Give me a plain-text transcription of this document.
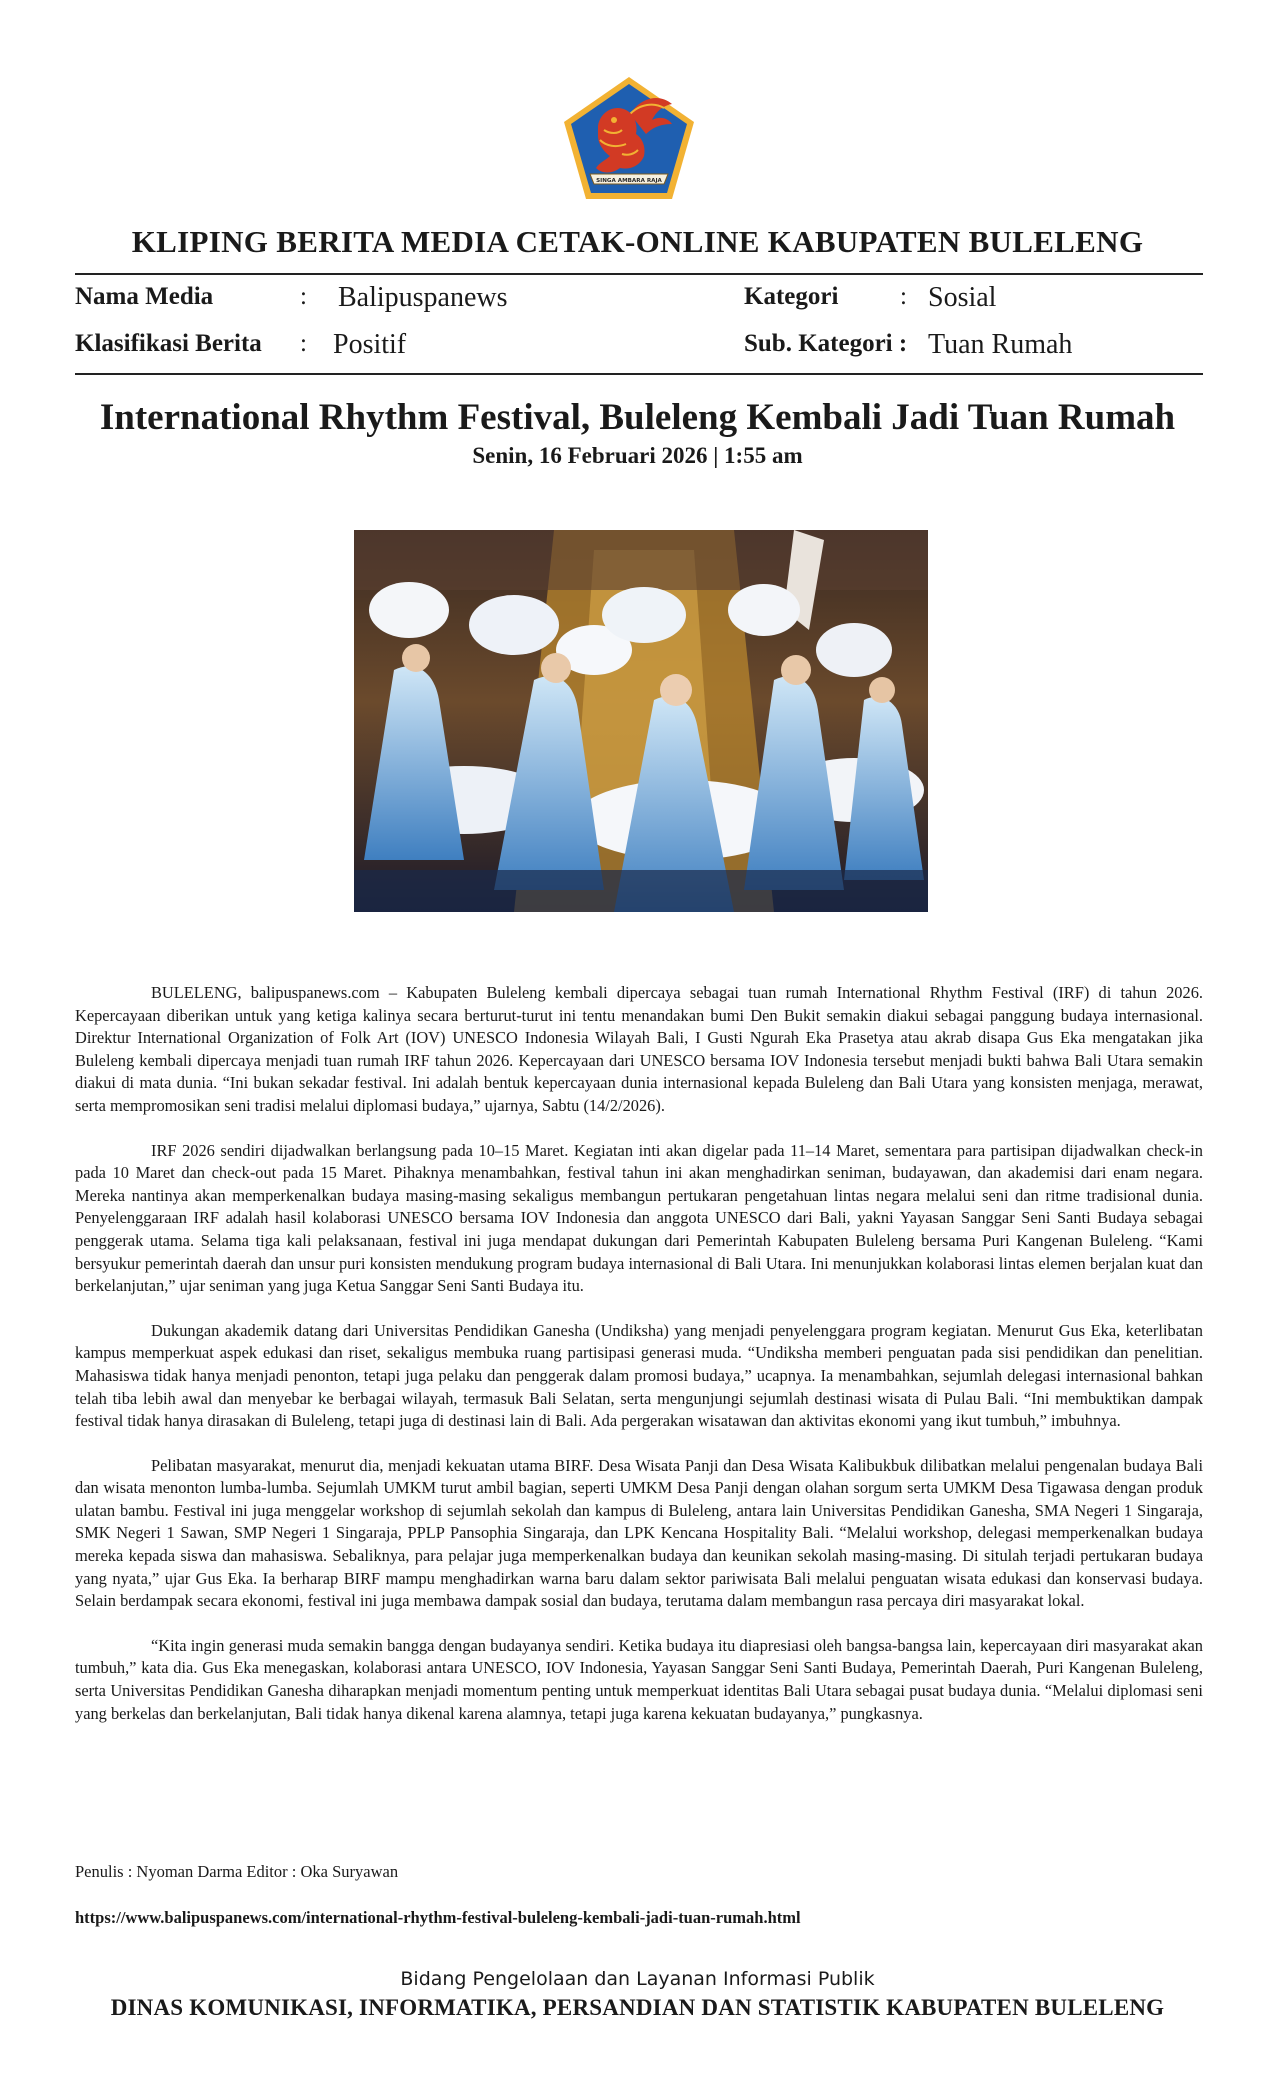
SINGA AMBARA RAJA
KLIPING BERITA MEDIA CETAK-ONLINE KABUPATEN BULELENG
Nama Media	: Balipuspanews	Kategori : Sosial
Klasifikasi Berita : Positif	Sub. Kategori : Tuan Rumah
International Rhythm Festival, Buleleng Kembali Jadi Tuan Rumah
Senin, 16 Februari 2026 | 1:55 am

BULELENG, balipuspanews.com – Kabupaten Buleleng kembali dipercaya sebagai tuan rumah International Rhythm Festival (IRF) di tahun 2026. Kepercayaan diberikan untuk yang ketiga kalinya secara berturut-turut ini tentu menandakan bumi Den Bukit semakin diakui sebagai panggung budaya internasional. Direktur International Organization of Folk Art (IOV) UNESCO Indonesia Wilayah Bali, I Gusti Ngurah Eka Prasetya atau akrab disapa Gus Eka mengatakan jika Buleleng kembali dipercaya menjadi tuan rumah IRF tahun 2026. Kepercayaan dari UNESCO bersama IOV Indonesia tersebut menjadi bukti bahwa Bali Utara semakin diakui di mata dunia. “Ini bukan sekadar festival. Ini adalah bentuk kepercayaan dunia internasional kepada Buleleng dan Bali Utara yang konsisten menjaga, merawat, serta mempromosikan seni tradisi melalui diplomasi budaya,” ujarnya, Sabtu (14/2/2026).

IRF 2026 sendiri dijadwalkan berlangsung pada 10–15 Maret. Kegiatan inti akan digelar pada 11–14 Maret, sementara para partisipan dijadwalkan check-in pada 10 Maret dan check-out pada 15 Maret. Pihaknya menambahkan, festival tahun ini akan menghadirkan seniman, budayawan, dan akademisi dari enam negara. Mereka nantinya akan memperkenalkan budaya masing-masing sekaligus membangun pertukaran pengetahuan lintas negara melalui seni dan ritme tradisional dunia. Penyelenggaraan IRF adalah hasil kolaborasi UNESCO bersama IOV Indonesia dan anggota UNESCO dari Bali, yakni Yayasan Sanggar Seni Santi Budaya sebagai penggerak utama. Selama tiga kali pelaksanaan, festival ini juga mendapat dukungan dari Pemerintah Kabupaten Buleleng bersama Puri Kangenan Buleleng. “Kami bersyukur pemerintah daerah dan unsur puri konsisten mendukung program budaya internasional di Bali Utara. Ini menunjukkan kolaborasi lintas elemen berjalan kuat dan berkelanjutan,” ujar seniman yang juga Ketua Sanggar Seni Santi Budaya itu.

Dukungan akademik datang dari Universitas Pendidikan Ganesha (Undiksha) yang menjadi penyelenggara program kegiatan. Menurut Gus Eka, keterlibatan kampus memperkuat aspek edukasi dan riset, sekaligus membuka ruang partisipasi generasi muda. “Undiksha memberi penguatan pada sisi pendidikan dan penelitian. Mahasiswa tidak hanya menjadi penonton, tetapi juga pelaku dan penggerak dalam promosi budaya,” ucapnya. Ia menambahkan, sejumlah delegasi internasional bahkan telah tiba lebih awal dan menyebar ke berbagai wilayah, termasuk Bali Selatan, serta mengunjungi sejumlah destinasi wisata di Pulau Bali. “Ini membuktikan dampak festival tidak hanya dirasakan di Buleleng, tetapi juga di destinasi lain di Bali. Ada pergerakan wisatawan dan aktivitas ekonomi yang ikut tumbuh,” imbuhnya.

Pelibatan masyarakat, menurut dia, menjadi kekuatan utama BIRF. Desa Wisata Panji dan Desa Wisata Kalibukbuk dilibatkan melalui pengenalan budaya Bali dan wisata menonton lumba-lumba. Sejumlah UMKM turut ambil bagian, seperti UMKM Desa Panji dengan olahan sorgum serta UMKM Desa Tigawasa dengan produk ulatan bambu. Festival ini juga menggelar workshop di sejumlah sekolah dan kampus di Buleleng, antara lain Universitas Pendidikan Ganesha, SMA Negeri 1 Singaraja, SMK Negeri 1 Sawan, SMP Negeri 1 Singaraja, PPLP Pansophia Singaraja, dan LPK Kencana Hospitality Bali. “Melalui workshop, delegasi memperkenalkan budaya mereka kepada siswa dan mahasiswa. Sebaliknya, para pelajar juga memperkenalkan budaya dan keunikan sekolah masing-masing. Di situlah terjadi pertukaran budaya yang nyata,” ujar Gus Eka. Ia berharap BIRF mampu menghadirkan warna baru dalam sektor pariwisata Bali melalui penguatan wisata edukasi dan konservasi budaya. Selain berdampak secara ekonomi, festival ini juga membawa dampak sosial dan budaya, terutama dalam membangun rasa percaya diri masyarakat lokal.

“Kita ingin generasi muda semakin bangga dengan budayanya sendiri. Ketika budaya itu diapresiasi oleh bangsa-bangsa lain, kepercayaan diri masyarakat akan tumbuh,” kata dia. Gus Eka menegaskan, kolaborasi antara UNESCO, IOV Indonesia, Yayasan Sanggar Seni Santi Budaya, Pemerintah Daerah, Puri Kangenan Buleleng, serta Universitas Pendidikan Ganesha diharapkan menjadi momentum penting untuk memperkuat identitas Bali Utara sebagai pusat budaya dunia. “Melalui diplomasi seni yang berkelas dan berkelanjutan, Bali tidak hanya dikenal karena alamnya, tetapi juga karena kekuatan budayanya,” pungkasnya.

Penulis : Nyoman Darma Editor : Oka Suryawan
https://www.balipuspanews.com/international-rhythm-festival-buleleng-kembali-jadi-tuan-rumah.html
Bidang Pengelolaan dan Layanan Informasi Publik
DINAS KOMUNIKASI, INFORMATIKA, PERSANDIAN DAN STATISTIK KABUPATEN BULELENG
